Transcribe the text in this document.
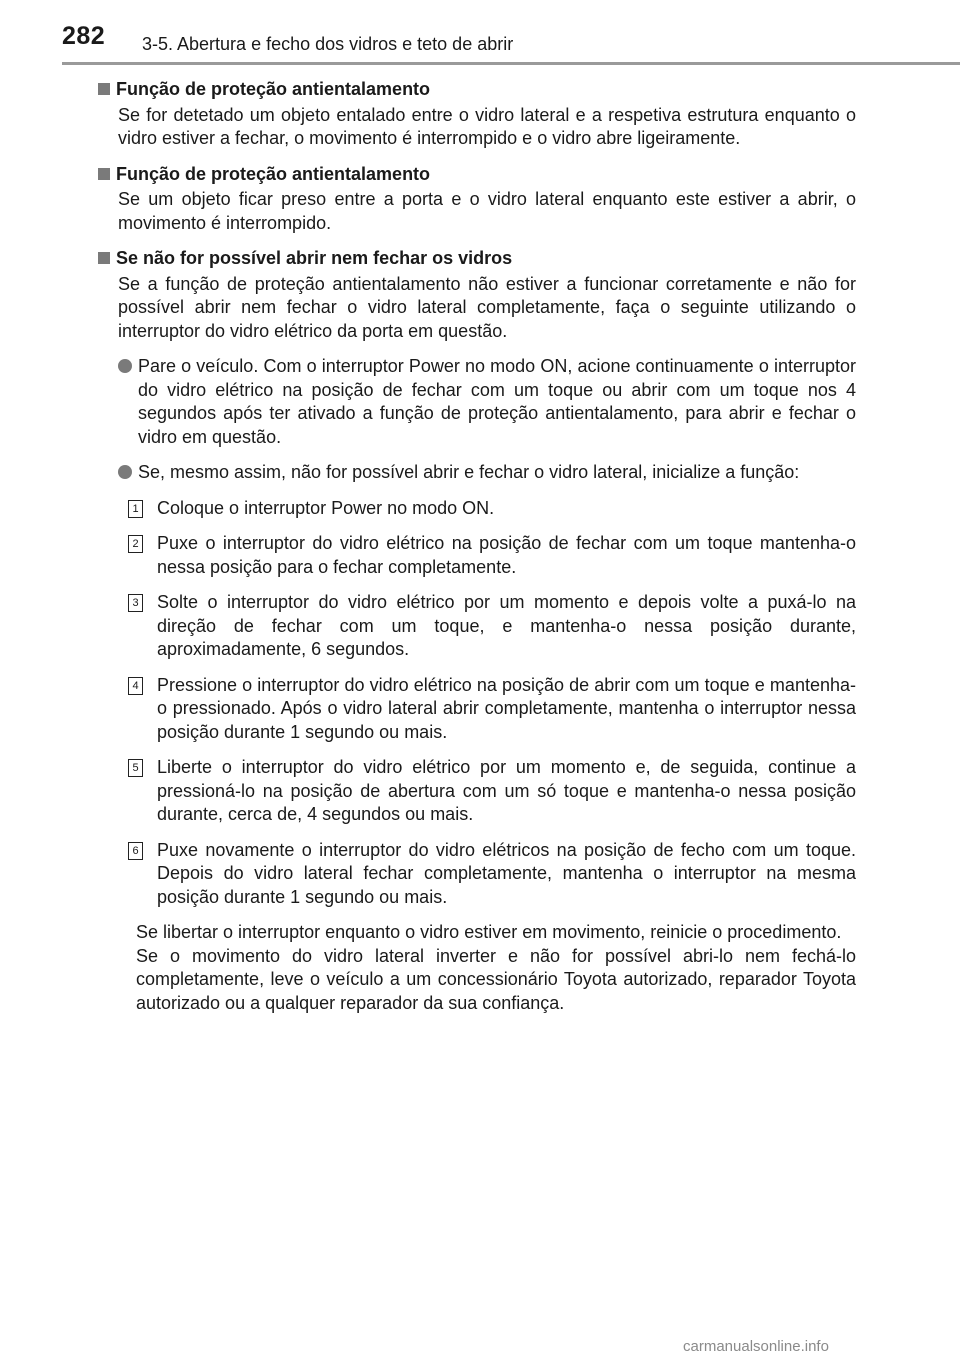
282 3-5. Abertura e fecho dos vidros e teto de abrir
Função de proteção antientalamento

Se for detetado um objeto entalado entre o vidro lateral e a respetiva estrutura enquanto o vidro estiver a fechar, o movimento é interrompido e o vidro abre ligeiramente.

Função de proteção antientalamento

Se um objeto ficar preso entre a porta e o vidro lateral enquanto este estiver a abrir, o movimento é interrompido.

Se não for possível abrir nem fechar os vidros

Se a função de proteção antientalamento não estiver a funcionar corretamente e não for possível abrir nem fechar o vidro lateral completamente, faça o seguinte utilizando o interruptor do vidro elétrico da porta em questão.

Pare o veículo. Com o interruptor Power no modo ON, acione continuamente o interruptor do vidro elétrico na posição de fechar com um toque ou abrir com um toque nos 4 segundos após ter ativado a função de proteção antientalamento, para abrir e fechar o vidro em questão.
Se, mesmo assim, não for possível abrir e fechar o vidro lateral, inicialize a função:
1 Coloque o interruptor Power no modo ON.
2 Puxe o interruptor do vidro elétrico na posição de fechar com um toque mantenha-o nessa posição para o fechar completamente.
3 Solte o interruptor do vidro elétrico por um momento e depois volte a puxá-lo na direção de fechar com um toque, e mantenha-o nessa posição durante, aproximadamente, 6 segundos.
4 Pressione o interruptor do vidro elétrico na posição de abrir com um toque e mantenha-o pressionado. Após o vidro lateral abrir completamente, mantenha o interruptor nessa posição durante 1 segundo ou mais.
5 Liberte o interruptor do vidro elétrico por um momento e, de seguida, continue a pressioná-lo na posição de abertura com um só toque e mantenha-o nessa posição durante, cerca de, 4 segundos ou mais.
6 Puxe novamente o interruptor do vidro elétricos na posição de fecho com um toque. Depois do vidro lateral fechar completamente, mantenha o interruptor na mesma posição durante 1 segundo ou mais.

Se libertar o interruptor enquanto o vidro estiver em movimento, reinicie o procedimento.

Se o movimento do vidro lateral inverter e não for possível abri-lo nem fechá-lo completamente, leve o veículo a um concessionário Toyota autorizado, reparador Toyota autorizado ou a qualquer reparador da sua confiança.

carmanualsonline.info
